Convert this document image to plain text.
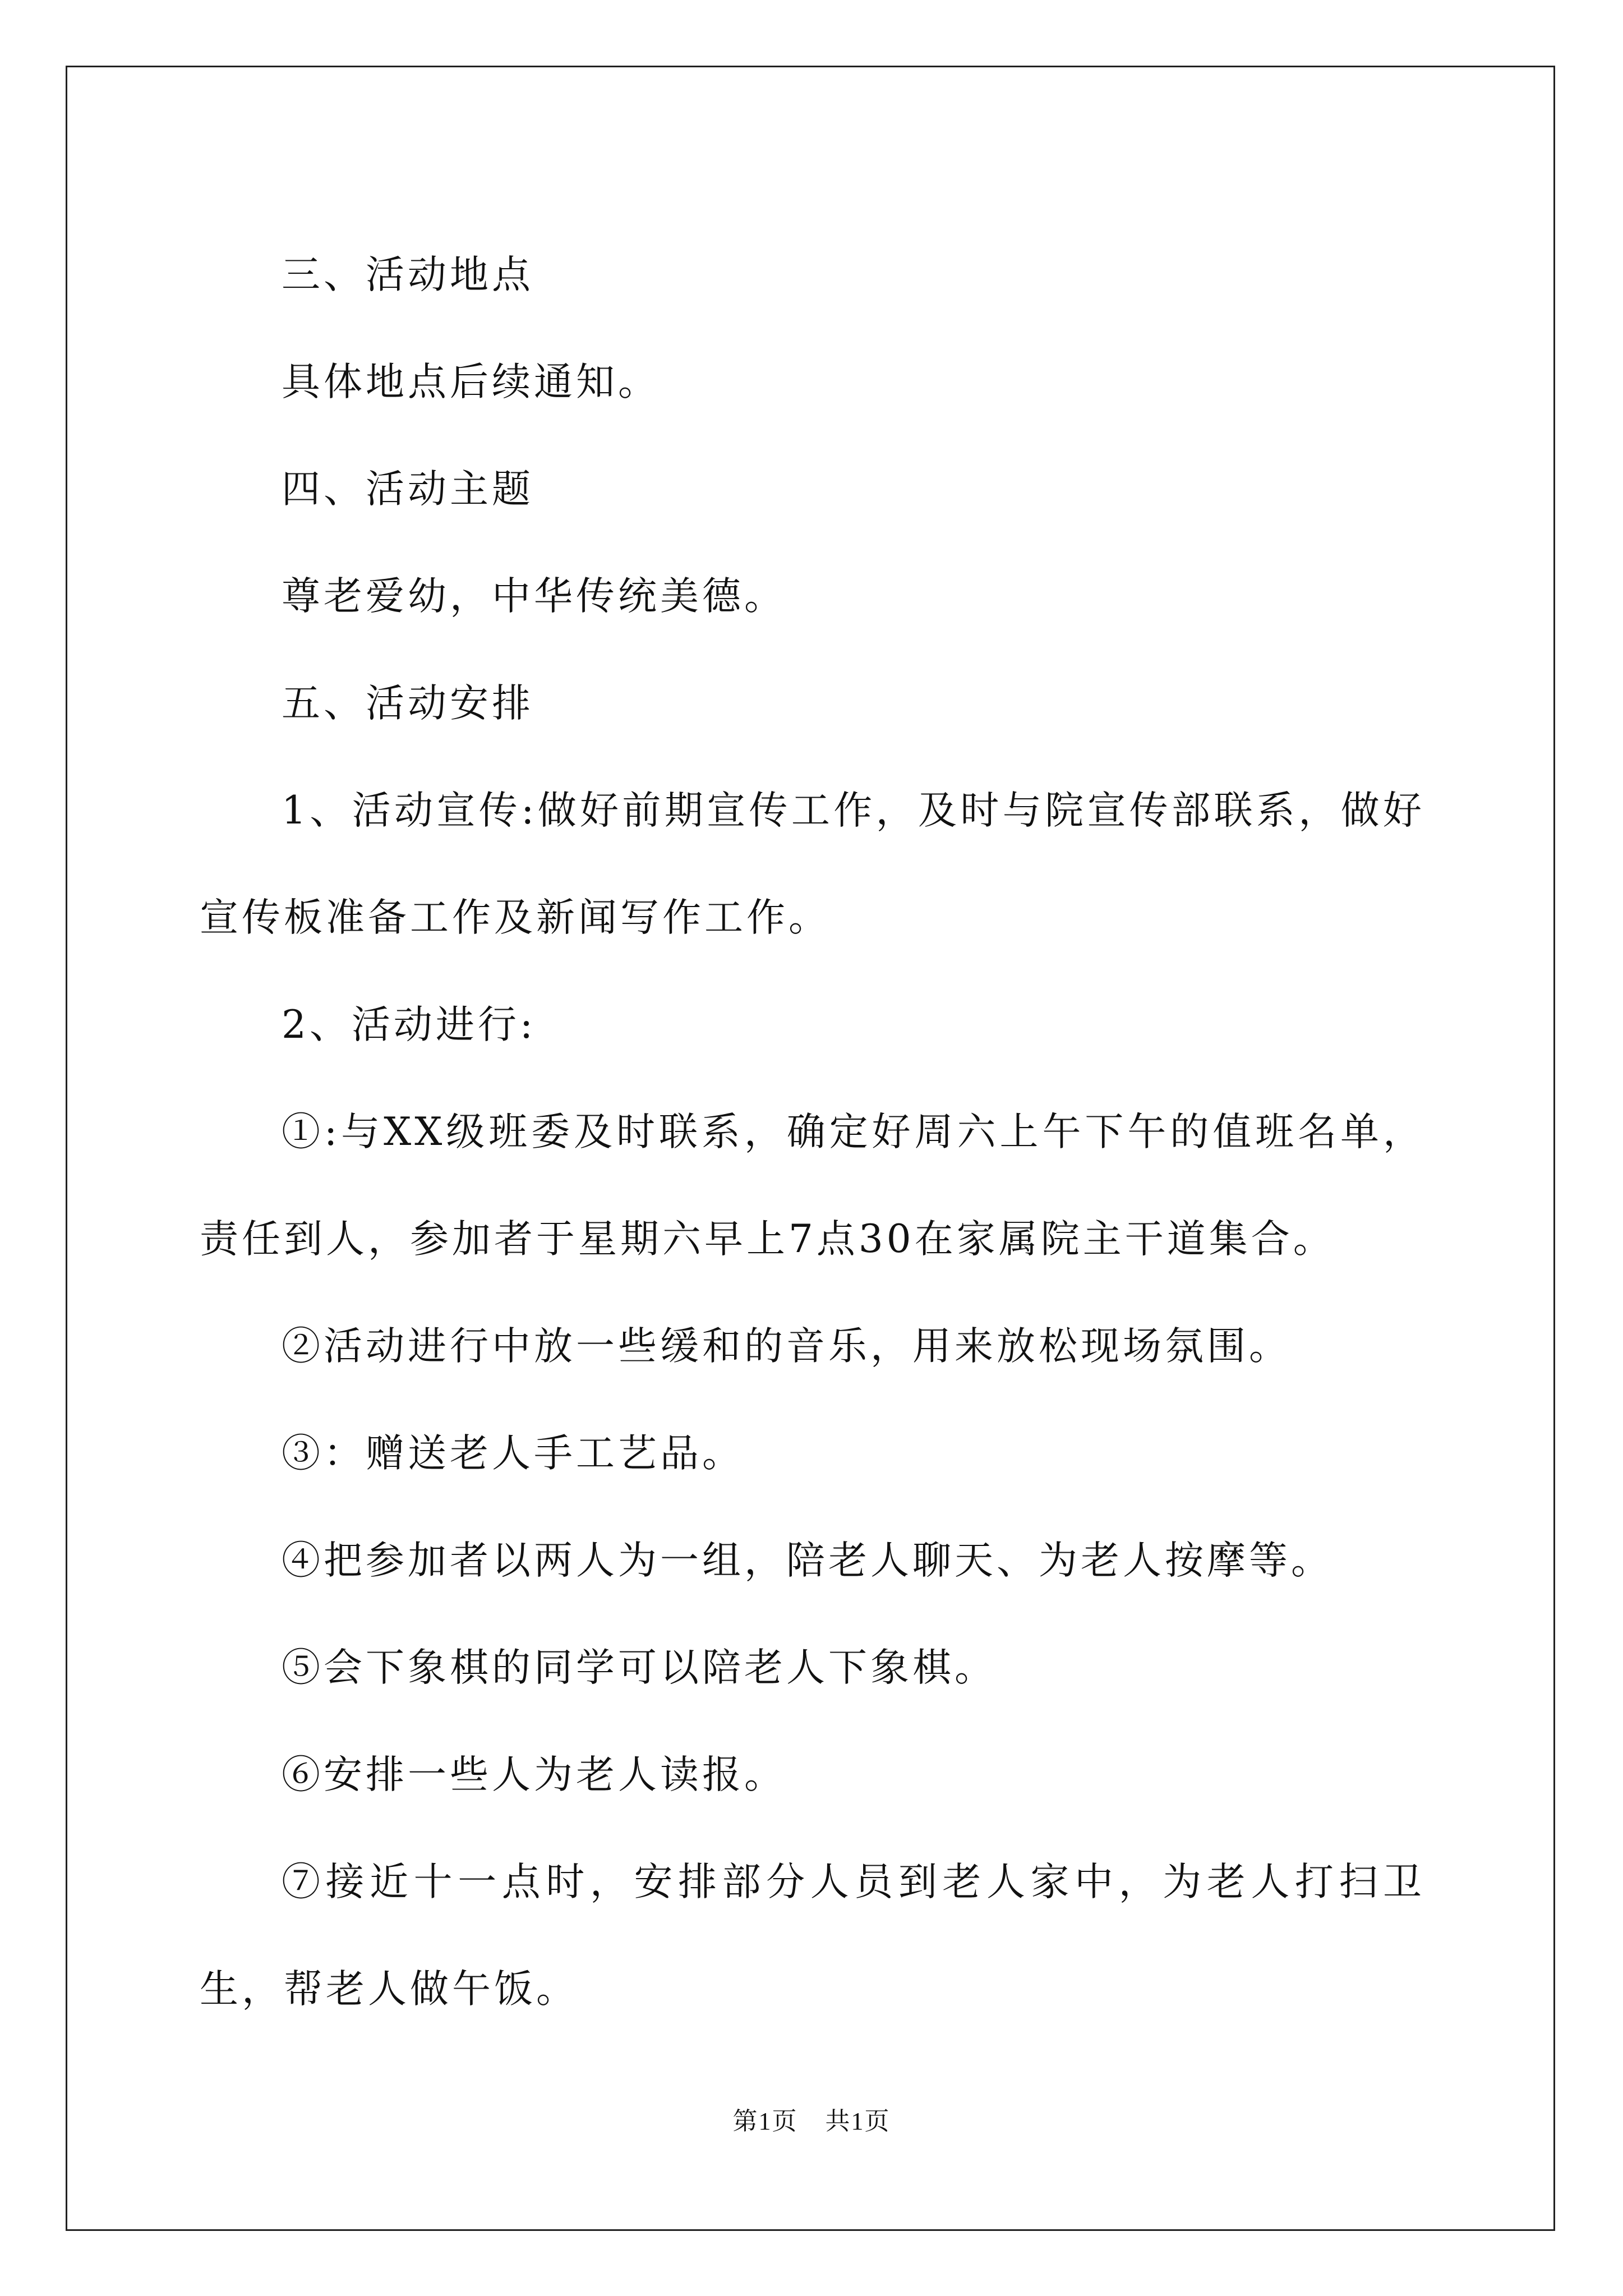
三、活动地点

具体地点后续通知。

四、活动主题

尊老爱幼，中华传统美德。

五、活动安排

1、活动宣传:做好前期宣传工作，及时与院宣传部联系，做好宣传板准备工作及新闻写作工作。

2、活动进行:

①:与XX级班委及时联系，确定好周六上午下午的值班名单，责任到人，参加者于星期六早上7点30在家属院主干道集合。

②活动进行中放一些缓和的音乐，用来放松现场氛围。

③：赠送老人手工艺品。

④把参加者以两人为一组，陪老人聊天、为老人按摩等。

⑤会下象棋的同学可以陪老人下象棋。

⑥安排一些人为老人读报。

⑦接近十一点时，安排部分人员到老人家中，为老人打扫卫生，帮老人做午饭。

第1页 共1页
